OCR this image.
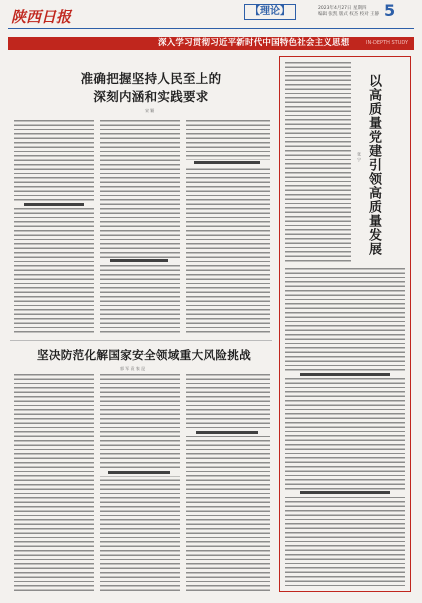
陕西日报	【理论】	2023年4月27日 星期四
编辑 张凯 版式 权杰 校对 王静 5
深入学习贯彻习近平新时代中国特色社会主义思想	IN-DEPTH STUDY
准确把握坚持人民至上的
深刻内涵和实践要求
宋 颖
坚决防范化解国家安全领域重大风险挑战
郭 军 袁 家 昆
以高质量党建引领高质量发展
张 宁
